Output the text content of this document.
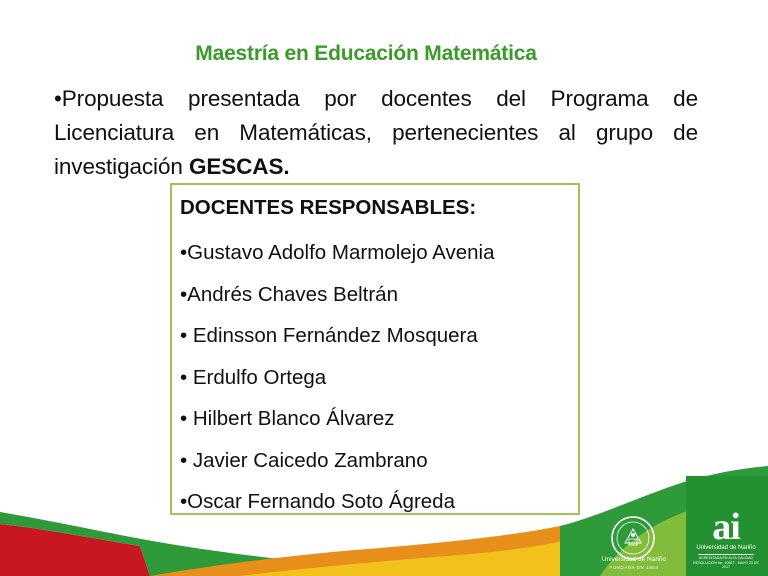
Maestría en Educación Matemática
•Propuesta presentada por docentes del Programa de Licenciatura en Matemáticas, pertenecientes al grupo de investigación GESCAS.

DOCENTES RESPONSABLES:

•Gustavo Adolfo Marmolejo Avenia

•Andrés Chaves Beltrán

• Edinsson Fernández Mosquera

• Erdulfo Ortega

• Hilbert Blanco Álvarez

• Javier Caicedo Zambrano

•Oscar Fernando Soto Ágreda

Universidad de Nariño
FUNDADA EN 1904
ai
Universidad de Nariño
ACREDITADA EN ALTA CALIDAD
RESOLUCIÓN No. 10567 - MAYO 23 DE 2017
